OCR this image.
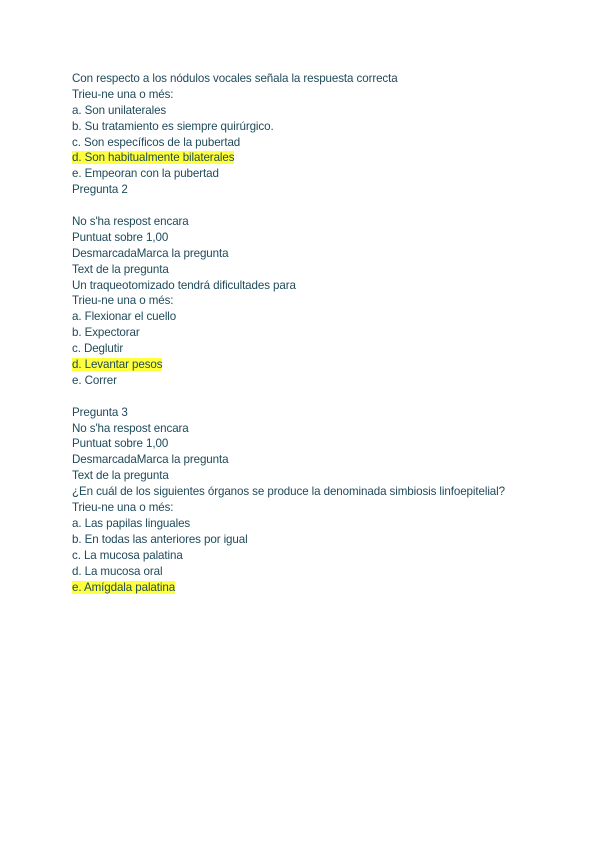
Con respecto a los nódulos vocales señala la respuesta correcta
Trieu-ne una o més:
a. Son unilaterales
b. Su tratamiento es siempre quirúrgico.
c. Son específicos de la pubertad
d. Son habitualmente bilaterales
e. Empeoran con la pubertad
Pregunta 2
No s'ha respost encara
Puntuat sobre 1,00
DesmarcadaMarca la pregunta
Text de la pregunta
Un traqueotomizado tendrá dificultades para
Trieu-ne una o més:
a. Flexionar el cuello
b. Expectorar
c. Deglutir
d. Levantar pesos
e. Correr
Pregunta 3
No s'ha respost encara
Puntuat sobre 1,00
DesmarcadaMarca la pregunta
Text de la pregunta
¿En cuál de los siguientes órganos se produce la denominada simbiosis linfoepitelial?
Trieu-ne una o més:
a. Las papilas linguales
b. En todas las anteriores por igual
c. La mucosa palatina
d. La mucosa oral
e. Amígdala palatina
